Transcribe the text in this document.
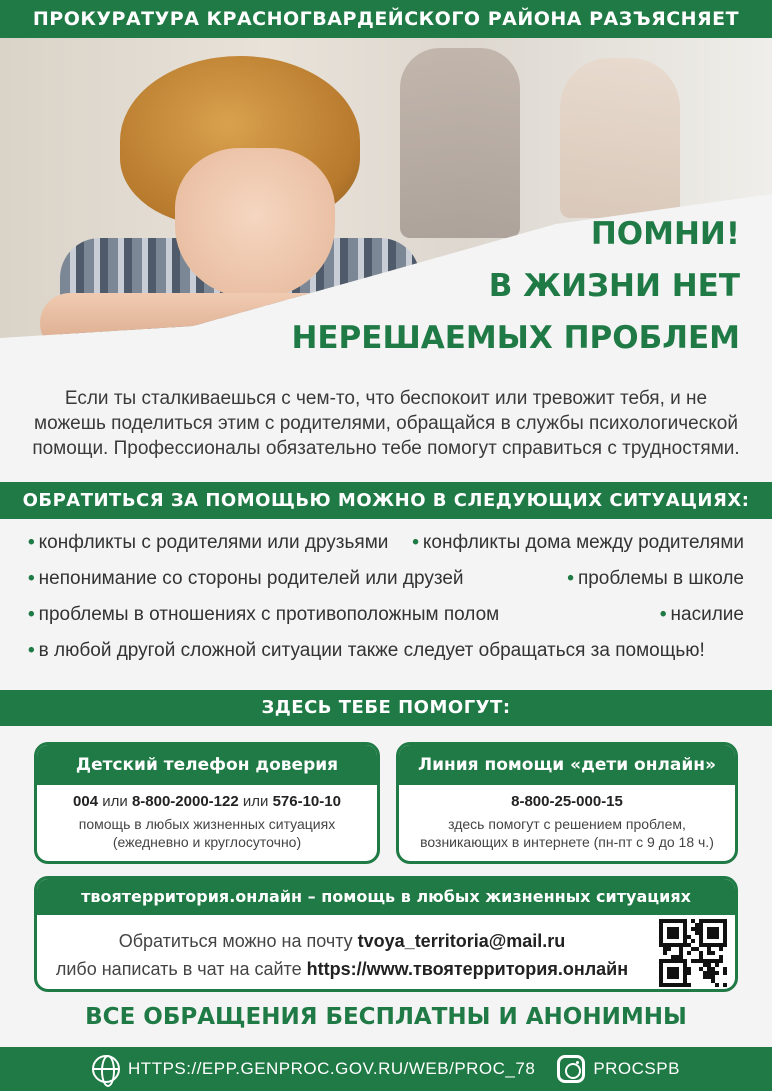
ПРОКУРАТУРА КРАСНОГВАРДЕЙСКОГО РАЙОНА РАЗЪЯСНЯЕТ
ПОМНИ!
В ЖИЗНИ НЕТ
НЕРЕШАЕМЫХ ПРОБЛЕМ

Если ты сталкиваешься с чем-то, что беспокоит или тревожит тебя, и не можешь поделиться этим с родителями, обращайся в службы психологической помощи. Профессионалы обязательно тебе помогут справиться с трудностями.

ОБРАТИТЬСЯ ЗА ПОМОЩЬЮ МОЖНО В СЛЕДУЮЩИХ СИТУАЦИЯХ:
• конфликты с родителями или друзьями	• конфликты дома между родителями
• непонимание со стороны родителей или друзей	• проблемы в школе
• проблемы в отношениях с противоположным полом	• насилие
• в любой другой сложной ситуации также следует обращаться за помощью!
ЗДЕСЬ ТЕБЕ ПОМОГУТ:
Детский телефон доверия
004 или 8-800-2000-122 или 576-10-10
помощь в любых жизненных ситуациях
(ежедневно и круглосуточно)
Линия помощи «дети онлайн»
8-800-25-000-15
здесь помогут с решением проблем,
возникающих в интернете (пн-пт с 9 до 18 ч.)
твоятерритория.онлайн – помощь в любых жизненных ситуациях
Обратиться можно на почту tvoya_territoria@mail.ru
либо написать в чат на сайте https://www.твоятерритория.онлайн
ВСЕ ОБРАЩЕНИЯ БЕСПЛАТНЫ И АНОНИМНЫ
HTTPS://EPP.GENPROC.GOV.RU/WEB/PROC_78	PROCSPB
